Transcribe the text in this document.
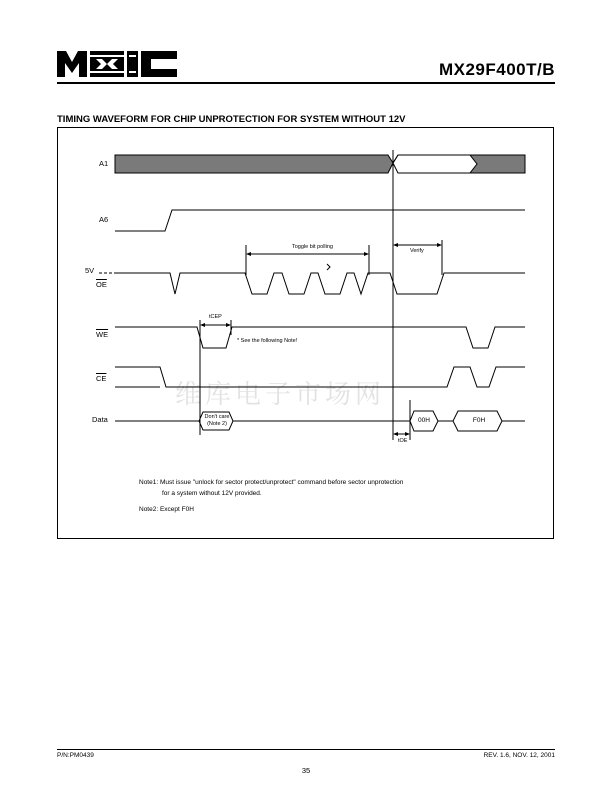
MX29F400T/B
TIMING WAVEFORM FOR CHIP UNPROTECTION FOR SYSTEM WITHOUT 12V
维库电子市场网
A1
A6
5V
$\overline{OE}$
$\overline{WE}$
$\overline{CE}$
Data
Toggle bit polling
Verify
tCEP
* See the following Note!
Don't care
(Note 2)	00H	F0H
tOE
Note1: Must issue "unlock for sector protect/unprotect" command before sector unprotection
for a system without 12V provided.
Note2: Except F0H
P/N:PM0439	REV. 1.6, NOV. 12, 2001
35
